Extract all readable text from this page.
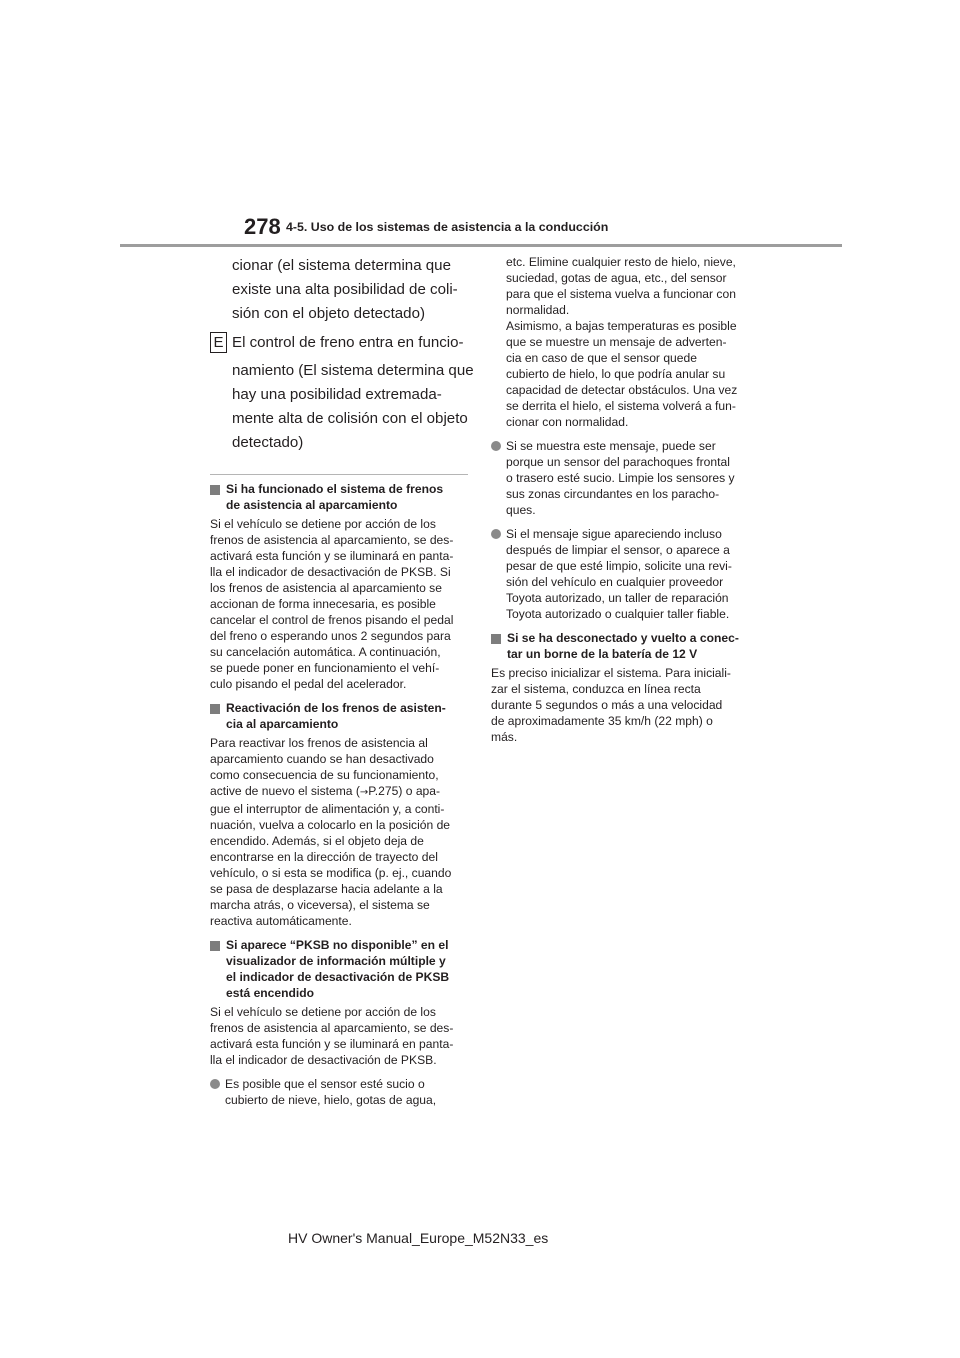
278 4-5. Uso de los sistemas de asistencia a la conducción
cionar (el sistema determina que
existe una alta posibilidad de coli-
sión con el objeto detectado)
E El control de freno entra en funcio-
namiento (El sistema determina que
hay una posibilidad extremada-
mente alta de colisión con el objeto
detectado)
Si ha funcionado el sistema de frenos
de asistencia al aparcamiento
Si el vehículo se detiene por acción de los
frenos de asistencia al aparcamiento, se des-
activará esta función y se iluminará en panta-
lla el indicador de desactivación de PKSB. Si
los frenos de asistencia al aparcamiento se
accionan de forma innecesaria, es posible
cancelar el control de frenos pisando el pedal
del freno o esperando unos 2 segundos para
su cancelación automática. A continuación,
se puede poner en funcionamiento el vehí-
culo pisando el pedal del acelerador.
Reactivación de los frenos de asisten-
cia al aparcamiento
Para reactivar los frenos de asistencia al
aparcamiento cuando se han desactivado
como consecuencia de su funcionamiento,
active de nuevo el sistema (→P.275) o apa-
gue el interruptor de alimentación y, a conti-
nuación, vuelva a colocarlo en la posición de
encendido. Además, si el objeto deja de
encontrarse en la dirección de trayecto del
vehículo, o si esta se modifica (p. ej., cuando
se pasa de desplazarse hacia adelante a la
marcha atrás, o viceversa), el sistema se
reactiva automáticamente.
Si aparece “PKSB no disponible” en el
visualizador de información múltiple y
el indicador de desactivación de PKSB
está encendido
Si el vehículo se detiene por acción de los
frenos de asistencia al aparcamiento, se des-
activará esta función y se iluminará en panta-
lla el indicador de desactivación de PKSB.
Es posible que el sensor esté sucio o
cubierto de nieve, hielo, gotas de agua,
etc. Elimine cualquier resto de hielo, nieve,
suciedad, gotas de agua, etc., del sensor
para que el sistema vuelva a funcionar con
normalidad.
Asimismo, a bajas temperaturas es posible
que se muestre un mensaje de adverten-
cia en caso de que el sensor quede
cubierto de hielo, lo que podría anular su
capacidad de detectar obstáculos. Una vez
se derrita el hielo, el sistema volverá a fun-
cionar con normalidad.
Si se muestra este mensaje, puede ser
porque un sensor del parachoques frontal
o trasero esté sucio. Limpie los sensores y
sus zonas circundantes en los paracho-
ques.
Si el mensaje sigue apareciendo incluso
después de limpiar el sensor, o aparece a
pesar de que esté limpio, solicite una revi-
sión del vehículo en cualquier proveedor
Toyota autorizado, un taller de reparación
Toyota autorizado o cualquier taller fiable.
Si se ha desconectado y vuelto a conec-
tar un borne de la batería de 12 V
Es preciso inicializar el sistema. Para iniciali-
zar el sistema, conduzca en línea recta
durante 5 segundos o más a una velocidad
de aproximadamente 35 km/h (22 mph) o
más.
HV Owner's Manual_Europe_M52N33_es
